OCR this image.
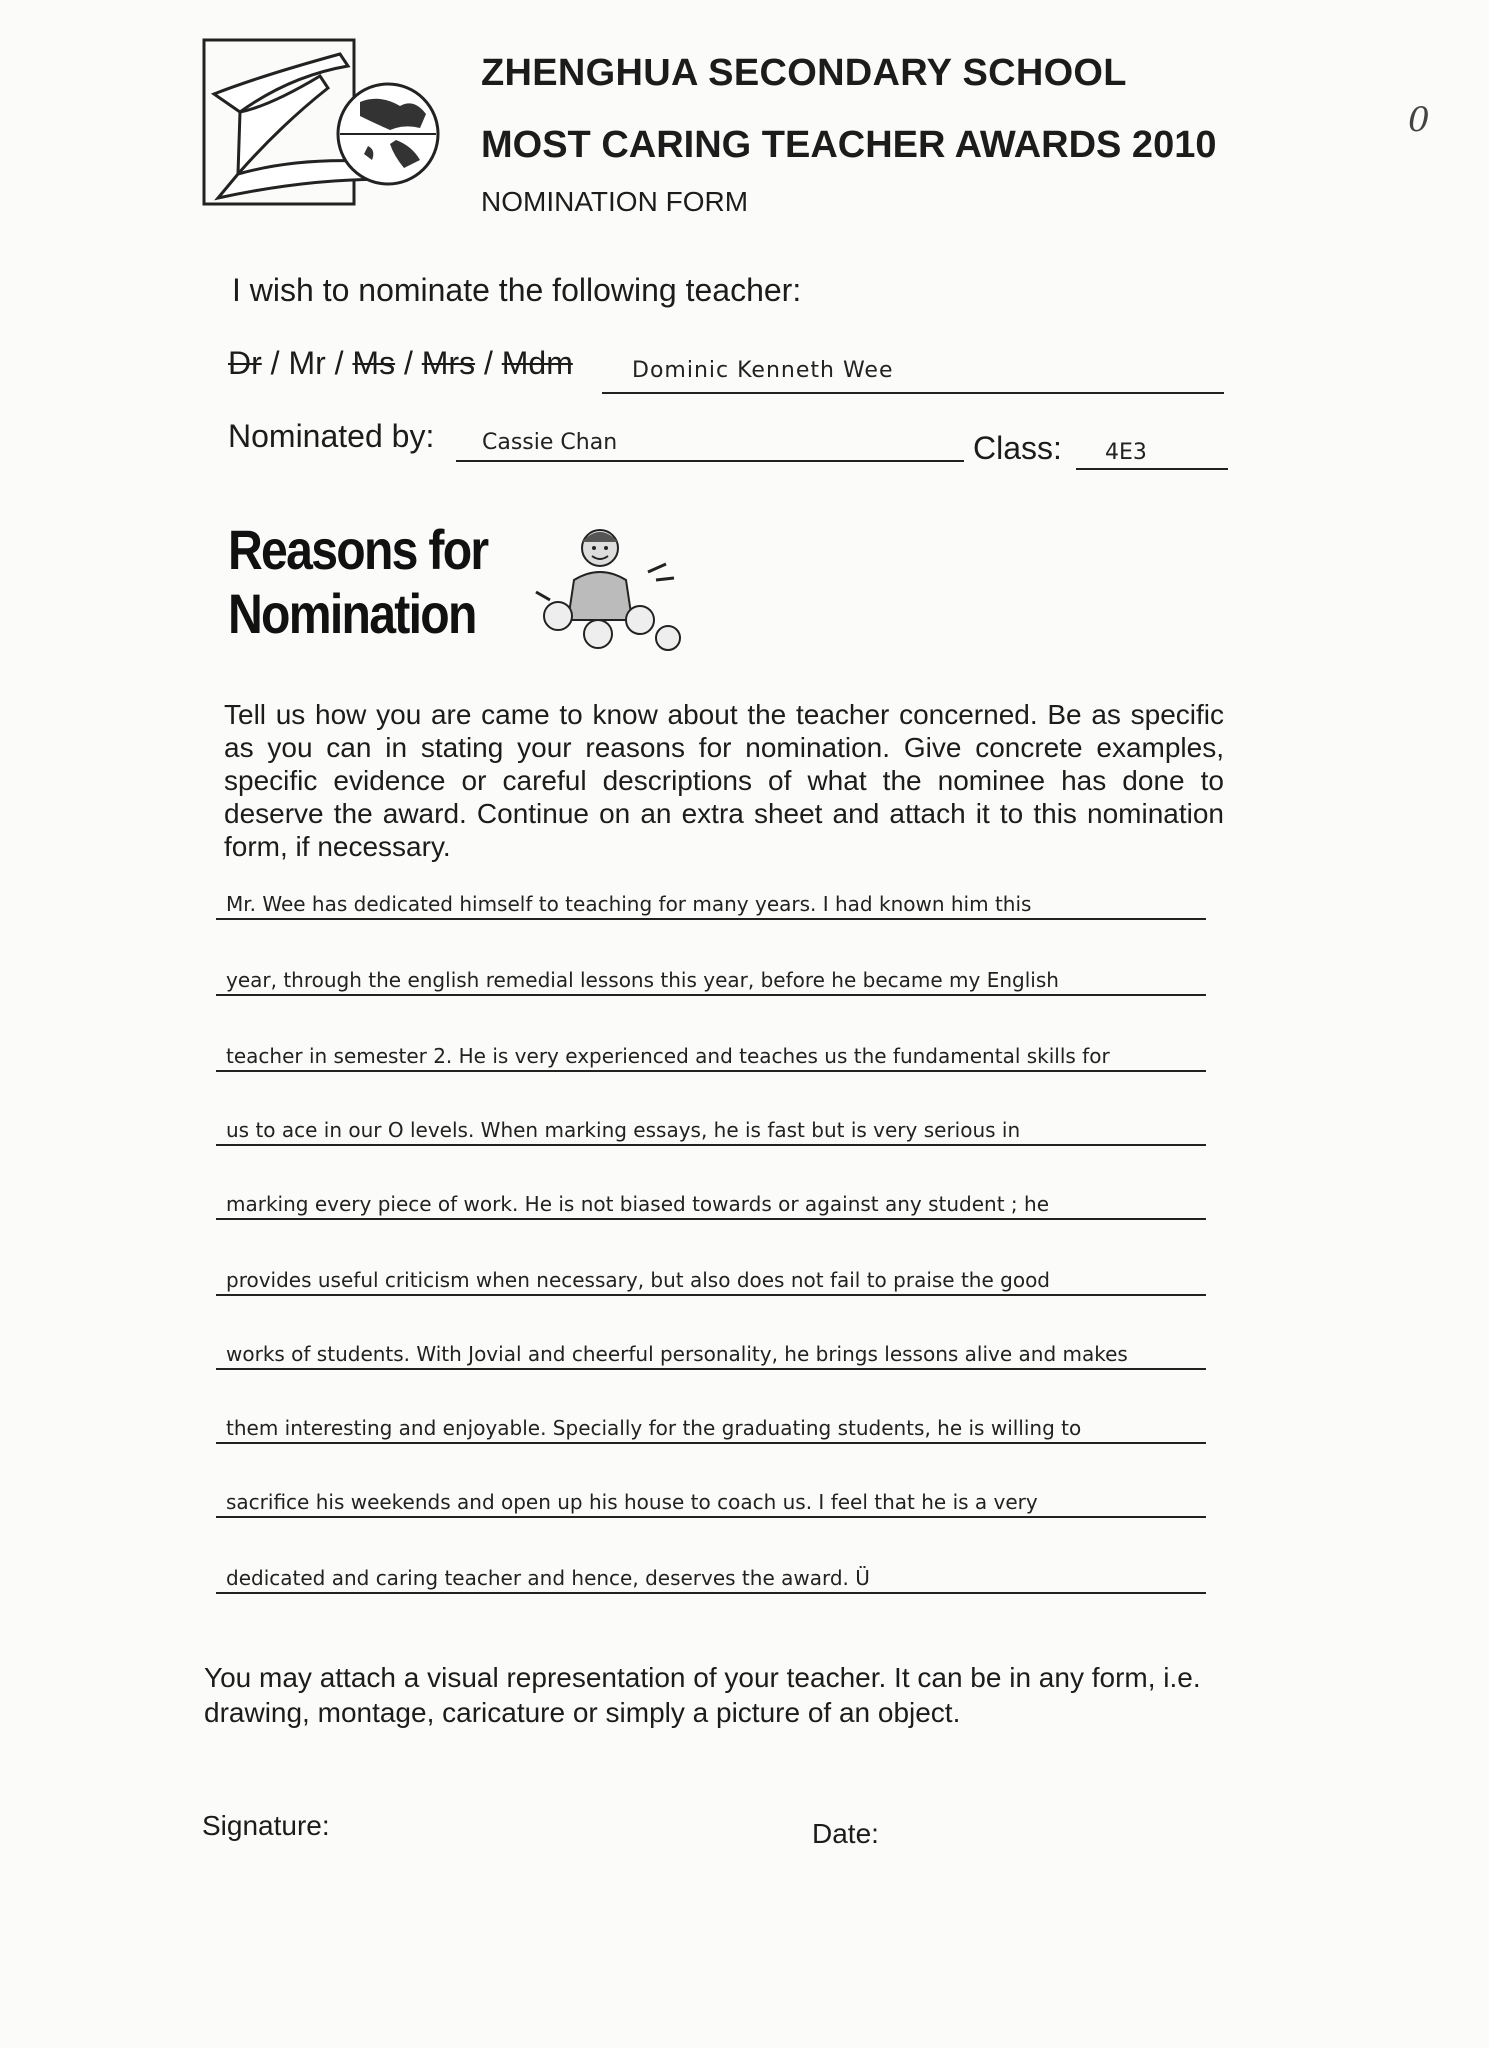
ZHENGHUA SECONDARY SCHOOL
MOST CARING TEACHER AWARDS 2010
NOMINATION FORM
0
I wish to nominate the following teacher:
Dr / Mr / Ms / Mrs / Mdm	Dominic Kenneth Wee
Nominated by: Cassie Chan	Class: 4E3
Reasons for
Nomination
Tell us how you are came to know about the teacher concerned. Be as specific as you can in stating your reasons for nomination. Give concrete examples, specific evidence or careful descriptions of what the nominee has done to deserve the award. Continue on an extra sheet and attach it to this nomination form, if necessary.
Mr. Wee has dedicated himself to teaching for many years. I had known him this
year, through the english remedial lessons this year, before he became my English
teacher in semester 2. He is very experienced and teaches us the fundamental skills for
us to ace in our O levels. When marking essays, he is fast but is very serious in
marking every piece of work. He is not biased towards or against any student ; he
provides useful criticism when necessary, but also does not fail to praise the good
works of students. With Jovial and cheerful personality, he brings lessons alive and makes
them interesting and enjoyable. Specially for the graduating students, he is willing to
sacrifice his weekends and open up his house to coach us. I feel that he is a very
dedicated and caring teacher and hence, deserves the award. Ü
You may attach a visual representation of your teacher. It can be in any form, i.e. drawing, montage, caricature or simply a picture of an object.
Signature:	Date:
